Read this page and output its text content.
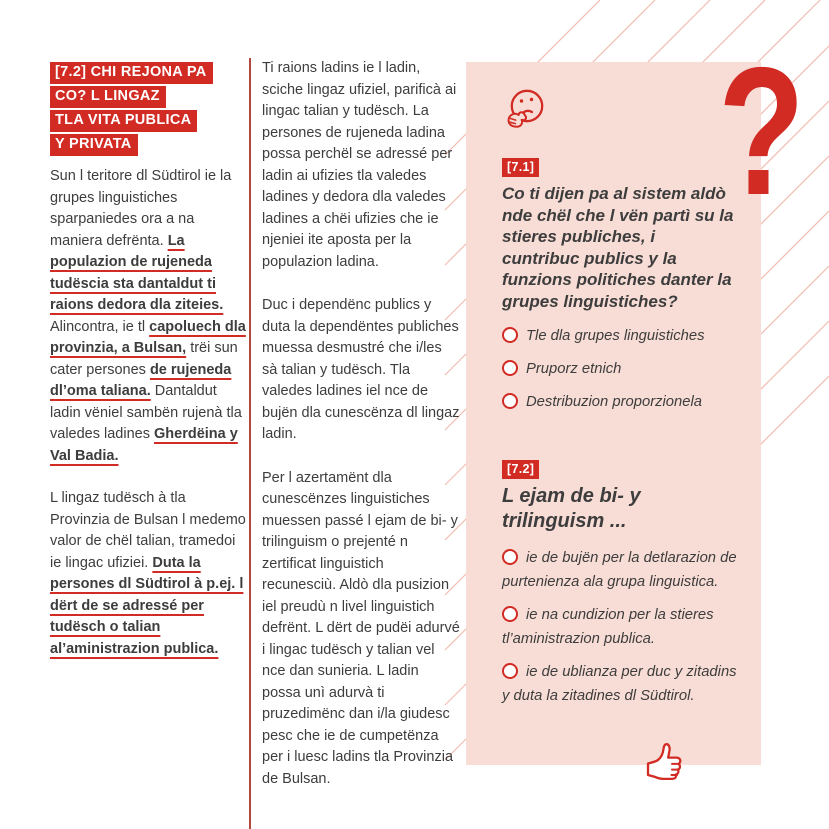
[7.2] CHI REJONA PA
CO? L LINGAZ
TLA VITA PUBLICA
Y PRIVATA

Sun l teritore dl Südtirol ie la grupes linguistiches sparpaniedes ora a na maniera defrënta. La populazion de rujeneda tudëscia sta dantaldut ti raions dedora dla ziteies. Alincontra, ie tl capoluech dla provinzia, a Bulsan, trëi sun cater persones de rujeneda dl’oma taliana. Dantaldut ladin vëniel sambën rujenà tla valedes ladines Gherdëina y Val Badia.

L lingaz tudësch à tla Provinzia de Bulsan l medemo valor de chël talian, tramedoi ie lingac ufiziei. Duta la persones dl Südtirol à p.ej. l dërt de se adressé per tudësch o talian al’aministrazion publica.

Ti raions ladins ie l ladin, sciche lingaz ufiziel, parificà ai lingac talian y tudësch. La persones de rujeneda ladina possa perchël se adressé per ladin ai ufizies tla valedes ladines y dedora dla valedes ladines a chëi ufizies che ie njeniei ite aposta per la populazion ladina.

Duc i dependënc publics y duta la dependëntes publiches muessa desmustré che i/les sà talian y tudësch. Tla valedes ladines iel nce de bujën dla cunescënza dl lingaz ladin.

Per l azertamënt dla cunescënzes linguistiches muessen passé l ejam de bi- y trilinguism o prejenté n zertificat linguistich recunesciù. Aldò dla pusizion iel preudù n livel linguistich defrënt. L dërt de pudëi adurvé i lingac tudësch y talian vel nce dan sunieria. L ladin possa unì adurvà ti pruzedimënc dan i/la giudesc pesc che ie de cumpetënza per i luesc ladins tla Provinzia de Bulsan.

[7.1]
Co ti dijen pa al sistem aldò nde chël che l vën partì su la stieres publiches, i cuntribuc publics y la funzions politiches danter la grupes linguistiches?
Tle dla grupes linguistiches
Pruporz etnich
Destribuzion proporzionela
[7.2]
L ejam de bi- y trilinguism ...
ie de bujën per la detlarazion de purtenienza ala grupa linguistica.
ie na cundizion per la stieres tl’aministrazion publica.
ie de ublianza per duc y zitadins y duta la zitadines dl Südtirol.
?
